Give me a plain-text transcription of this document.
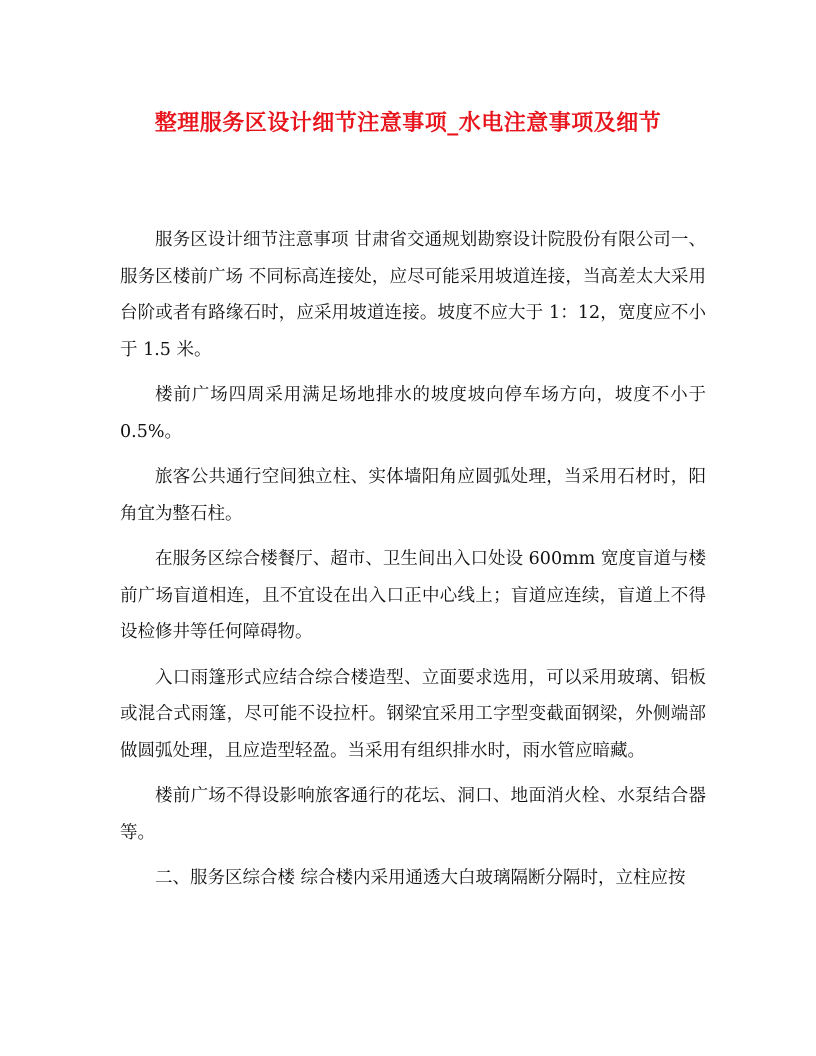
整理服务区设计细节注意事项_水电注意事项及细节

服务区设计细节注意事项 甘肃省交通规划勘察设计院股份有限公司一、服务区楼前广场 不同标高连接处，应尽可能采用坡道连接，当高差太大采用台阶或者有路缘石时，应采用坡道连接。坡度不应大于 1：12，宽度应不小于 1.5 米。

楼前广场四周采用满足场地排水的坡度坡向停车场方向，坡度不小于0.5%。

旅客公共通行空间独立柱、实体墙阳角应圆弧处理，当采用石材时，阳角宜为整石柱。

在服务区综合楼餐厅、超市、卫生间出入口处设 600mm 宽度盲道与楼前广场盲道相连，且不宜设在出入口正中心线上；盲道应连续，盲道上不得设检修井等任何障碍物。

入口雨篷形式应结合综合楼造型、立面要求选用，可以采用玻璃、铝板或混合式雨篷，尽可能不设拉杆。钢梁宜采用工字型变截面钢梁，外侧端部做圆弧处理，且应造型轻盈。当采用有组织排水时，雨水管应暗藏。

楼前广场不得设影响旅客通行的花坛、洞口、地面消火栓、水泵结合器等。

二、服务区综合楼 综合楼内采用通透大白玻璃隔断分隔时，立柱应按
